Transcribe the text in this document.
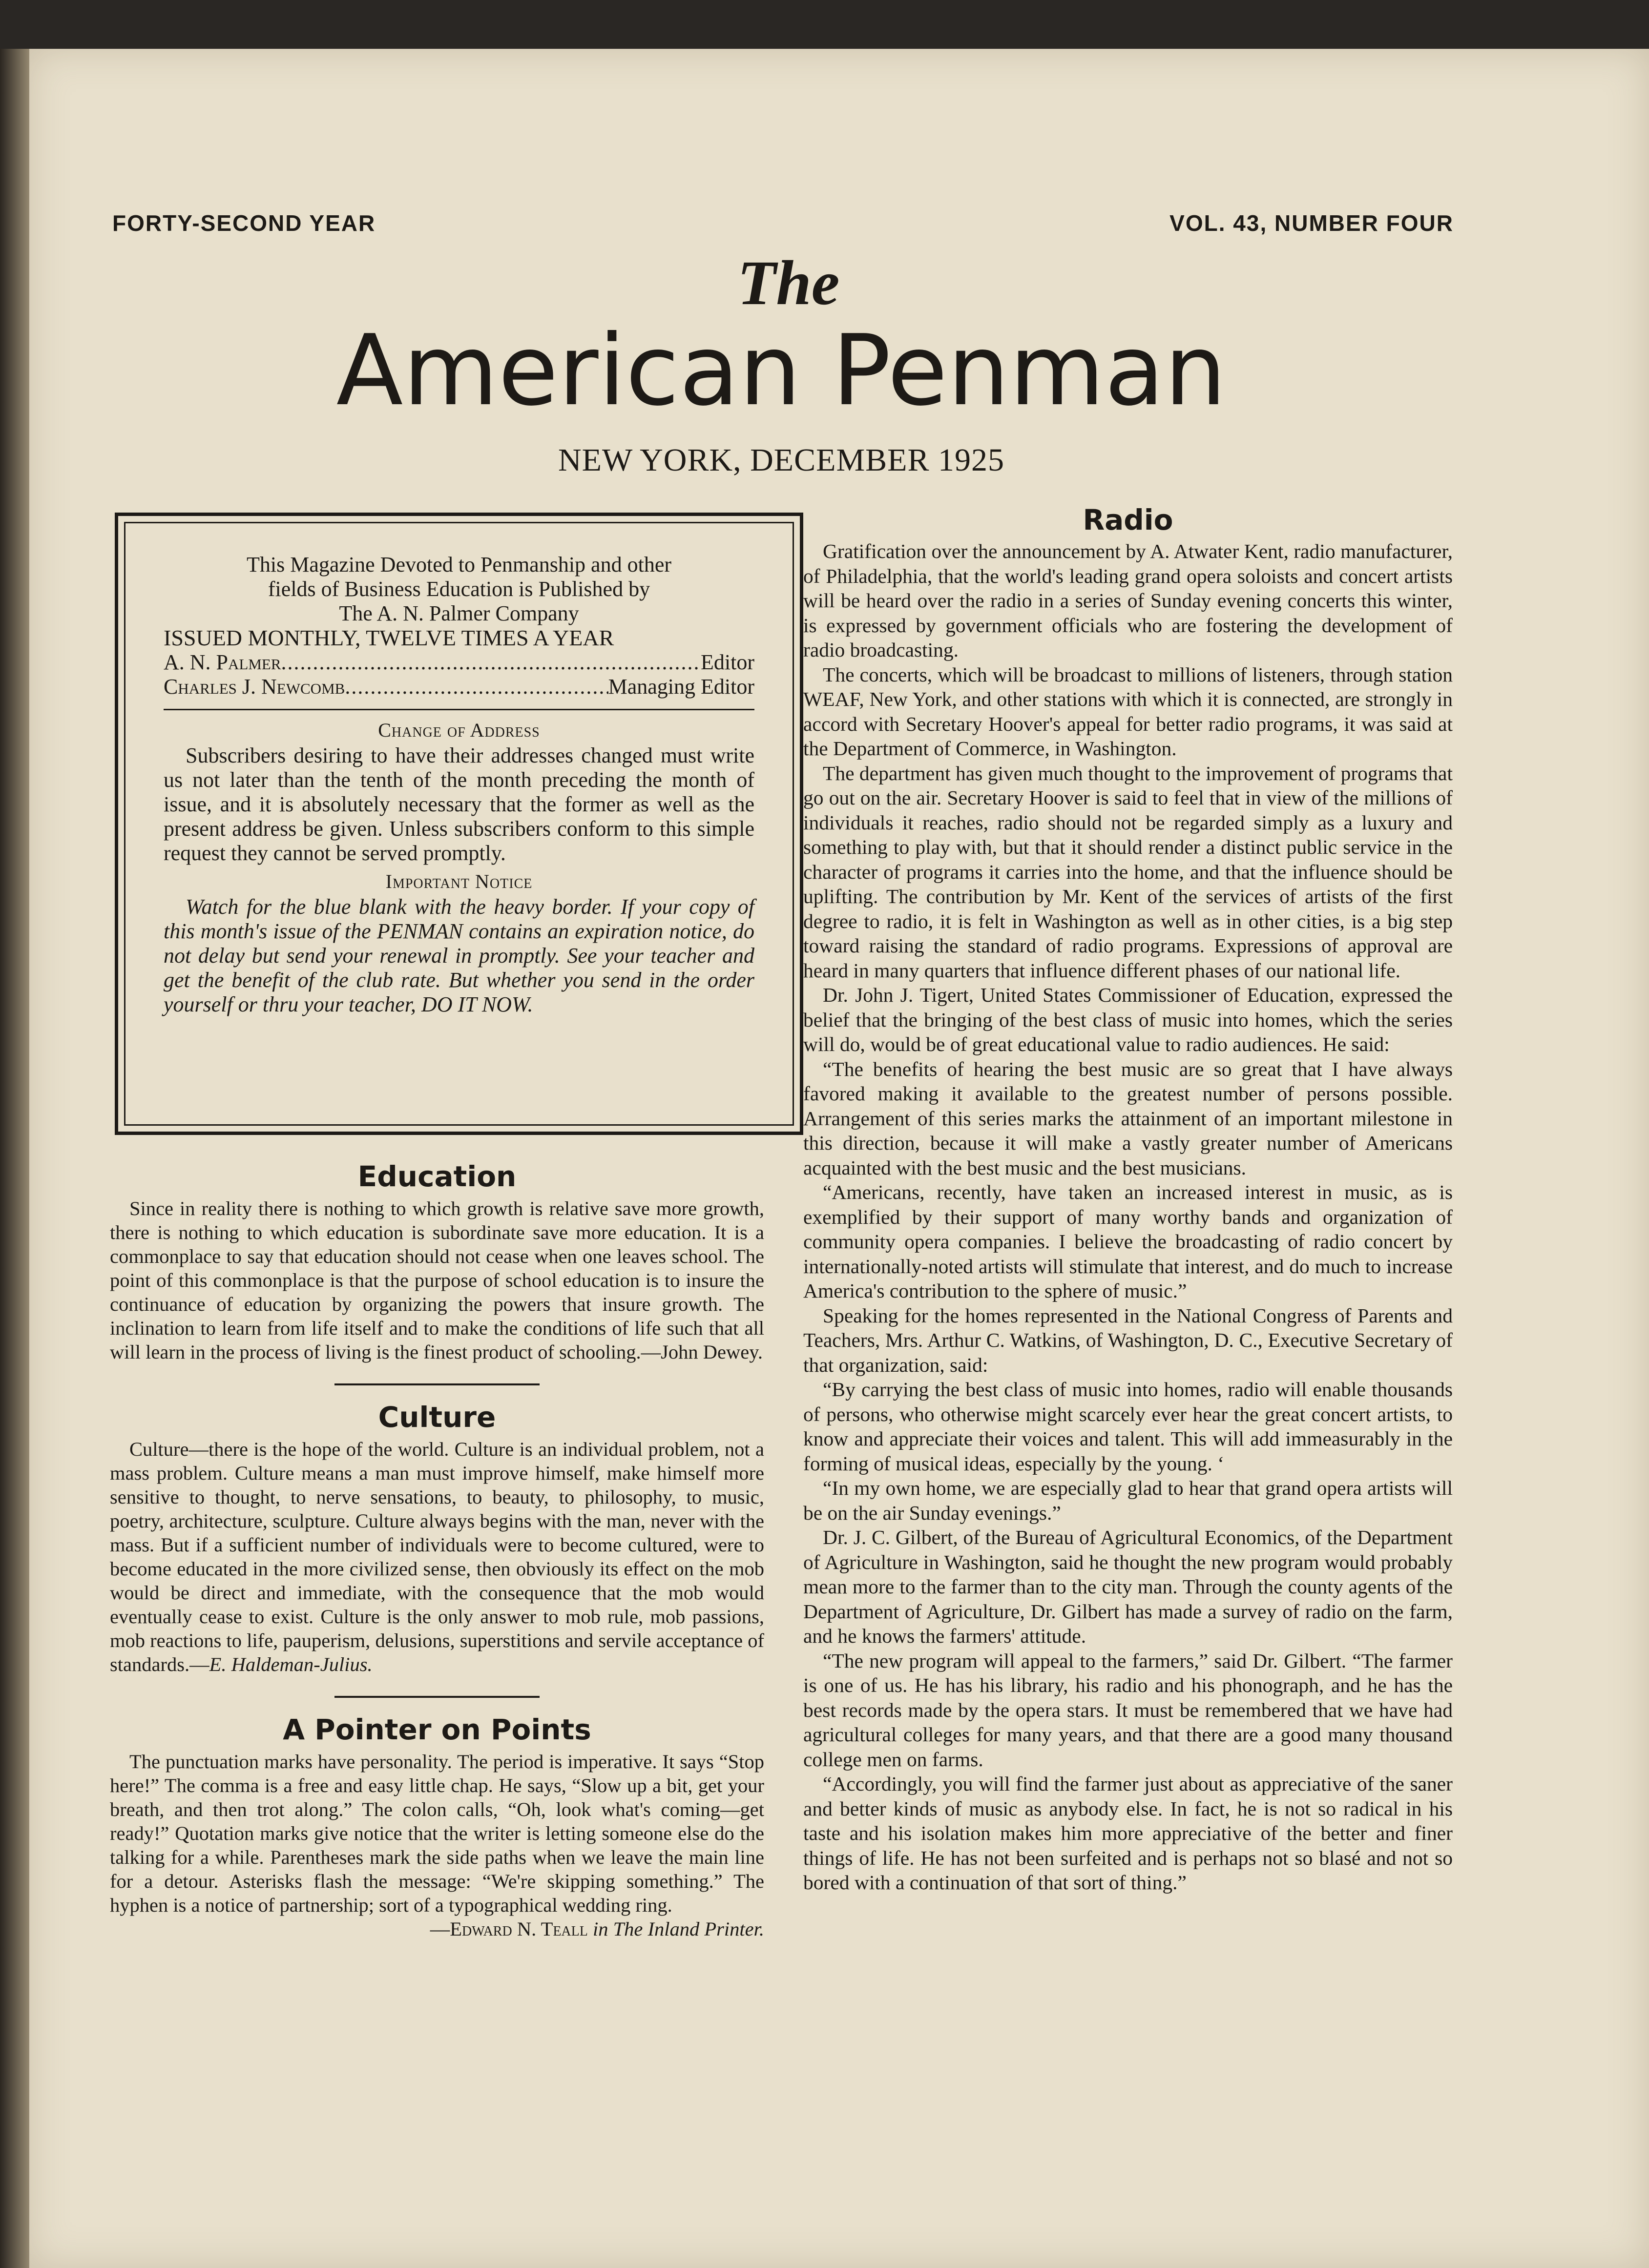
FORTY-SECOND YEAR	VOL. 43, NUMBER FOUR
The
American Penman
NEW YORK, DECEMBER 1925
This Magazine Devoted to Penmanship and other
fields of Business Education is Published by
The A. N. Palmer Company
ISSUED MONTHLY, TWELVE TIMES A YEAR
A. N. Palmer .....	Editor
Charles J. Newcomb .....	Managing Editor
Change of Address
Subscribers desiring to have their addresses changed must write us not later than the tenth of the month preceding the month of issue, and it is absolutely necessary that the former as well as the present address be given. Unless subscribers conform to this simple request they cannot be served promptly.
Important Notice
Watch for the blue blank with the heavy border. If your copy of this month's issue of the PENMAN contains an expiration notice, do not delay but send your renewal in promptly. See your teacher and get the benefit of the club rate. But whether you send in the order yourself or thru your teacher, DO IT NOW.
Education

Since in reality there is nothing to which growth is relative save more growth, there is nothing to which education is subordinate save more education. It is a commonplace to say that education should not cease when one leaves school. The point of this commonplace is that the purpose of school education is to insure the continuance of education by organizing the powers that insure growth. The inclination to learn from life itself and to make the conditions of life such that all will learn in the process of living is the finest product of schooling.—John Dewey.

Culture

Culture—there is the hope of the world. Culture is an individual problem, not a mass problem. Culture means a man must improve himself, make himself more sensitive to thought, to nerve sensations, to beauty, to philosophy, to music, poetry, architecture, sculpture. Culture always begins with the man, never with the mass. But if a sufficient number of individuals were to become cultured, were to become educated in the more civilized sense, then obviously its effect on the mob would be direct and immediate, with the consequence that the mob would eventually cease to exist. Culture is the only answer to mob rule, mob passions, mob reactions to life, pauperism, delusions, superstitions and servile acceptance of standards.—E. Haldeman-Julius.

A Pointer on Points

The punctuation marks have personality. The period is imperative. It says “Stop here!” The comma is a free and easy little chap. He says, “Slow up a bit, get your breath, and then trot along.” The colon calls, “Oh, look what's coming—get ready!” Quotation marks give notice that the writer is letting someone else do the talking for a while. Parentheses mark the side paths when we leave the main line for a detour. Asterisks flash the message: “We're skipping something.” The hyphen is a notice of partnership; sort of a typographical wedding ring.

—Edward N. Teall in The Inland Printer.

Radio

Gratification over the announcement by A. Atwater Kent, radio manufacturer, of Philadelphia, that the world's leading grand opera soloists and concert artists will be heard over the radio in a series of Sunday evening concerts this winter, is expressed by government officials who are fostering the development of radio broadcasting.

The concerts, which will be broadcast to millions of listeners, through station WEAF, New York, and other stations with which it is connected, are strongly in accord with Secretary Hoover's appeal for better radio programs, it was said at the Department of Commerce, in Washington.

The department has given much thought to the improvement of programs that go out on the air. Secretary Hoover is said to feel that in view of the millions of individuals it reaches, radio should not be regarded simply as a luxury and something to play with, but that it should render a distinct public service in the character of programs it carries into the home, and that the influence should be uplifting. The contribution by Mr. Kent of the services of artists of the first degree to radio, it is felt in Washington as well as in other cities, is a big step toward raising the standard of radio programs. Expressions of approval are heard in many quarters that influence different phases of our national life.

Dr. John J. Tigert, United States Commissioner of Education, expressed the belief that the bringing of the best class of music into homes, which the series will do, would be of great educational value to radio audiences. He said:

“The benefits of hearing the best music are so great that I have always favored making it available to the greatest number of persons possible. Arrangement of this series marks the attainment of an important milestone in this direction, because it will make a vastly greater number of Americans acquainted with the best music and the best musicians.

“Americans, recently, have taken an increased interest in music, as is exemplified by their support of many worthy bands and organization of community opera companies. I believe the broadcasting of radio concert by internationally-noted artists will stimulate that interest, and do much to increase America's contribution to the sphere of music.”

Speaking for the homes represented in the National Congress of Parents and Teachers, Mrs. Arthur C. Watkins, of Washington, D. C., Executive Secretary of that organization, said:

“By carrying the best class of music into homes, radio will enable thousands of persons, who otherwise might scarcely ever hear the great concert artists, to know and appreciate their voices and talent. This will add immeasurably in the forming of musical ideas, especially by the young. ‘

“In my own home, we are especially glad to hear that grand opera artists will be on the air Sunday evenings.”

Dr. J. C. Gilbert, of the Bureau of Agricultural Economics, of the Department of Agriculture in Washington, said he thought the new program would probably mean more to the farmer than to the city man. Through the county agents of the Department of Agriculture, Dr. Gilbert has made a survey of radio on the farm, and he knows the farmers' attitude.

“The new program will appeal to the farmers,” said Dr. Gilbert. “The farmer is one of us. He has his library, his radio and his phonograph, and he has the best records made by the opera stars. It must be remembered that we have had agricultural colleges for many years, and that there are a good many thousand college men on farms.

“Accordingly, you will find the farmer just about as appreciative of the saner and better kinds of music as anybody else. In fact, he is not so radical in his taste and his isolation makes him more appreciative of the better and finer things of life. He has not been surfeited and is perhaps not so blasé and not so bored with a continuation of that sort of thing.”
